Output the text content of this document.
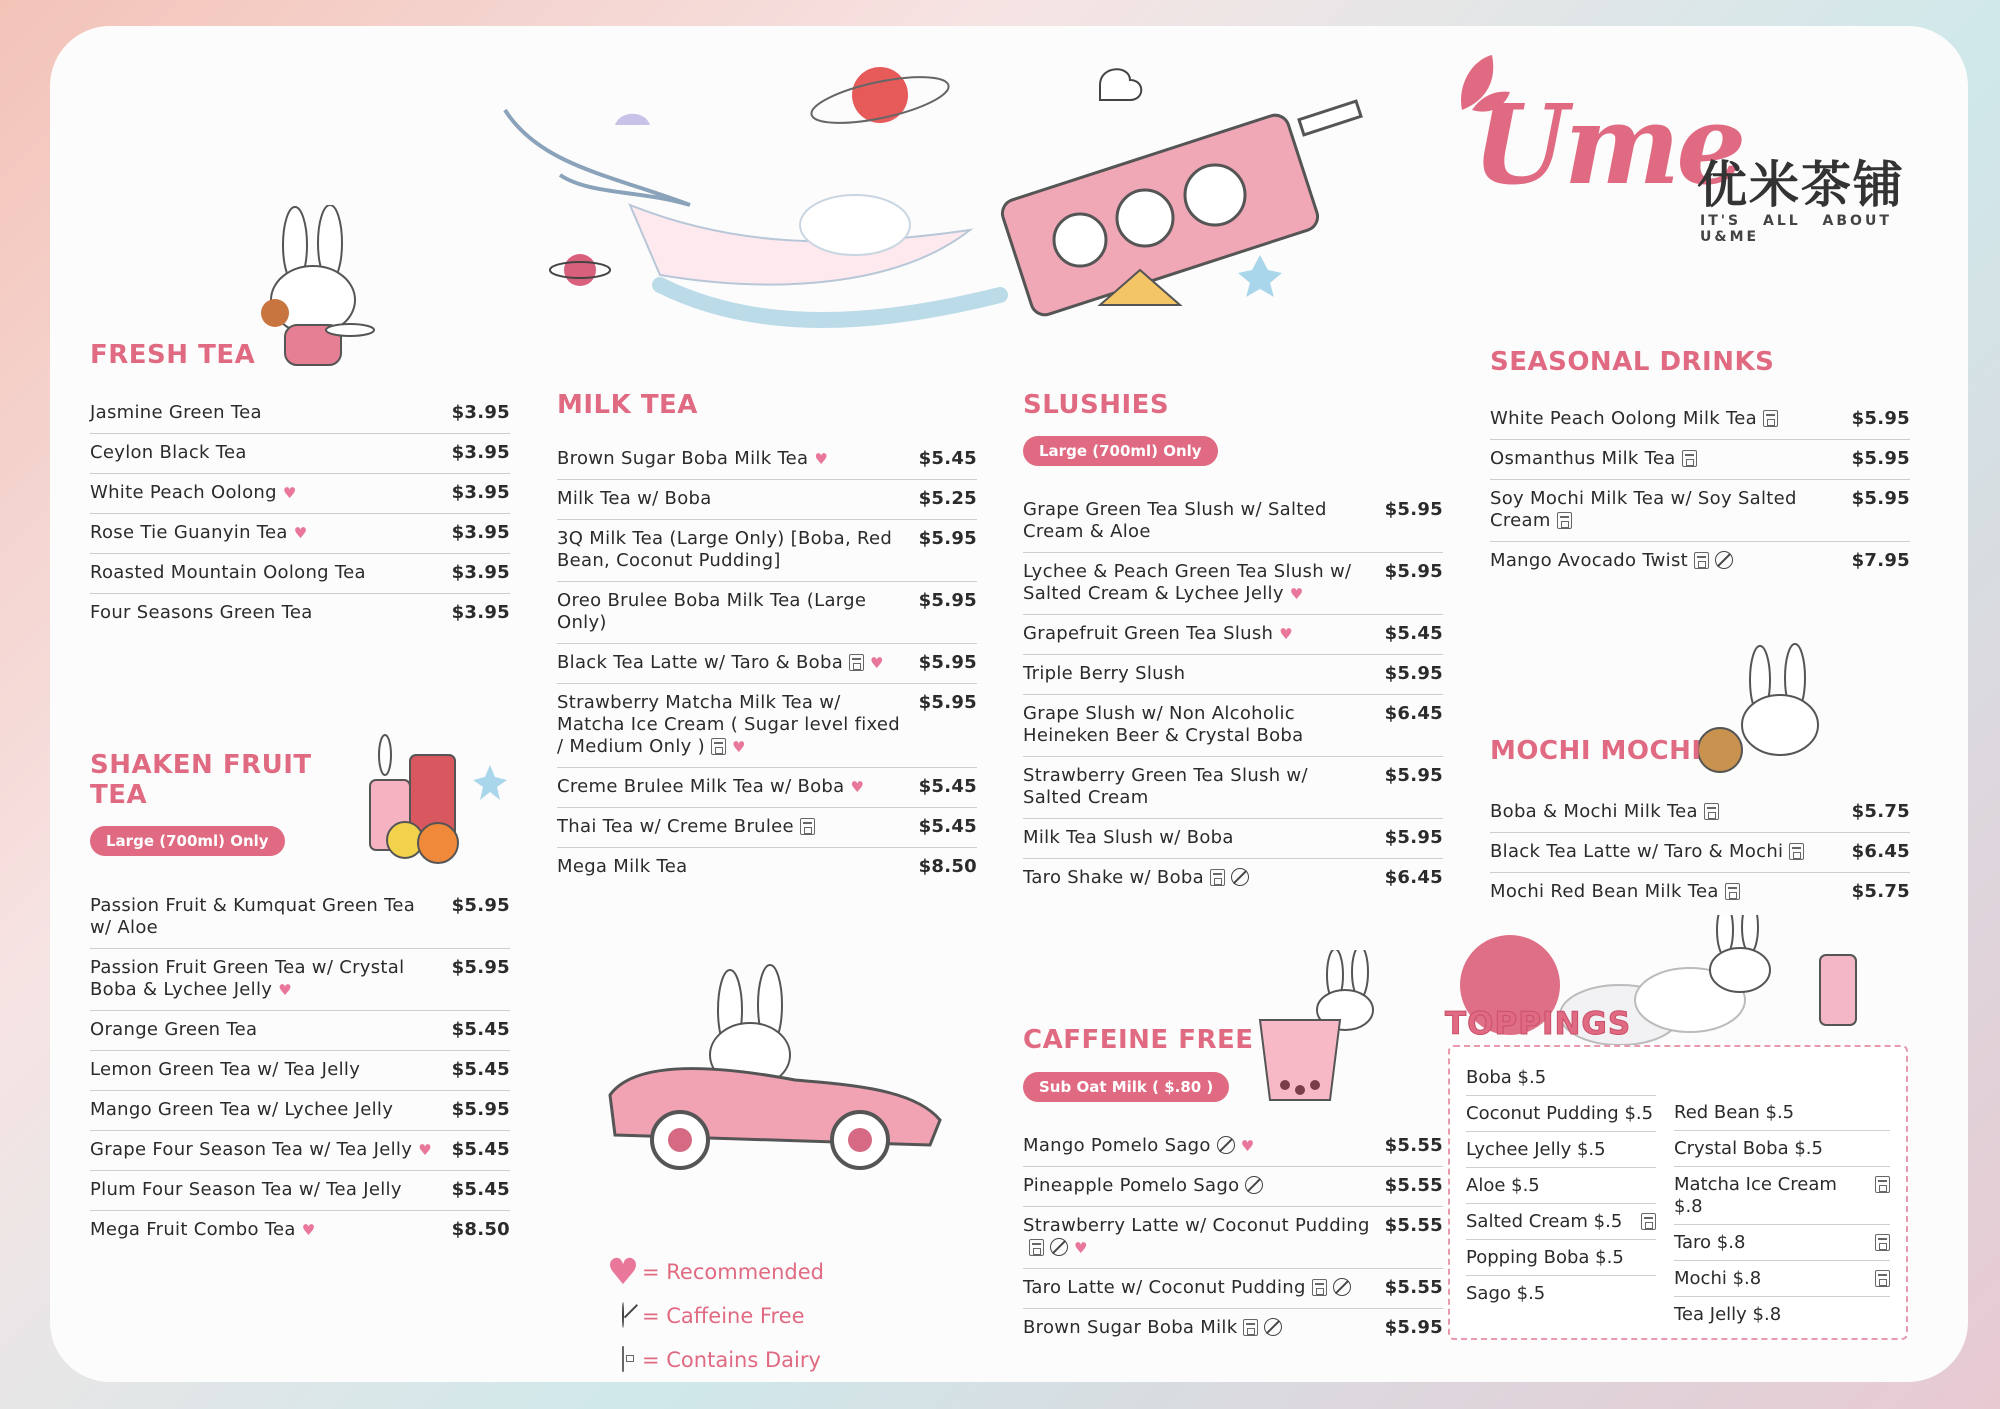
Ume
优米茶铺
IT'S ALL ABOUT U&ME
FRESH TEA
Jasmine Green Tea	$3.95
Ceylon Black Tea	$3.95
White Peach Oolong ♥	$3.95
Rose Tie Guanyin Tea ♥	$3.95
Roasted Mountain Oolong Tea	$3.95
Four Seasons Green Tea	$3.95
SHAKEN FRUIT
TEA
Large (700ml) Only
Passion Fruit & Kumquat Green Tea w/ Aloe
$5.95
Passion Fruit Green Tea w/ Crystal Boba & Lychee Jelly ♥
$5.95
Orange Green Tea	$5.45
Lemon Green Tea w/ Tea Jelly	$5.45
Mango Green Tea w/ Lychee Jelly	$5.95
Grape Four Season Tea w/ Tea Jelly ♥	$5.45
Plum Four Season Tea w/ Tea Jelly	$5.45
Mega Fruit Combo Tea ♥	$8.50
MILK TEA
Brown Sugar Boba Milk Tea ♥	$5.45
Milk Tea w/ Boba	$5.25
3Q Milk Tea (Large Only) [Boba, Red Bean, Coconut Pudding]
$5.95
Oreo Brulee Boba Milk Tea (Large Only)
$5.95
Black Tea Latte w/ Taro & Boba ♥	$5.95
Strawberry Matcha Milk Tea w/ Matcha Ice Cream ( Sugar level fixed / Medium Only ) ♥
$5.95
Creme Brulee Milk Tea w/ Boba ♥	$5.45
Thai Tea w/ Creme Brulee	$5.45
Mega Milk Tea	$8.50
SLUSHIES
Large (700ml) Only
Grape Green Tea Slush w/ Salted Cream & Aloe
$5.95
Lychee & Peach Green Tea Slush w/ Salted Cream & Lychee Jelly ♥
$5.95
Grapefruit Green Tea Slush ♥	$5.45
Triple Berry Slush	$5.95
Grape Slush w/ Non Alcoholic Heineken Beer & Crystal Boba
$6.45
Strawberry Green Tea Slush w/ Salted Cream
$5.95
Milk Tea Slush w/ Boba	$5.95
Taro Shake w/ Boba	$6.45
CAFFEINE FREE
Sub Oat Milk ( $.80 )
Mango Pomelo Sago ♥	$5.55
Pineapple Pomelo Sago	$5.55
Strawberry Latte w/ Coconut Pudding♥
$5.55
Taro Latte w/ Coconut Pudding	$5.55
Brown Sugar Boba Milk	$5.95
SEASONAL DRINKS
White Peach Oolong Milk Tea	$5.95
Osmanthus Milk Tea	$5.95
Soy Mochi Milk Tea w/ Soy Salted Cream
$5.95
Mango Avocado Twist	$7.95
MOCHI MOCHI
Boba & Mochi Milk Tea	$5.75
Black Tea Latte w/ Taro & Mochi	$6.45
Mochi Red Bean Milk Tea	$5.75
TOPPINGS
Boba $.5
Coconut Pudding $.5
Lychee Jelly $.5
Aloe $.5
Salted Cream $.5
Popping Boba $.5
Sago $.5
Red Bean $.5
Crystal Boba $.5
Matcha Ice Cream $.8
Taro $.8
Mochi $.8
Tea Jelly $.8
♥ = Recommended
= Caffeine Free
= Contains Dairy
